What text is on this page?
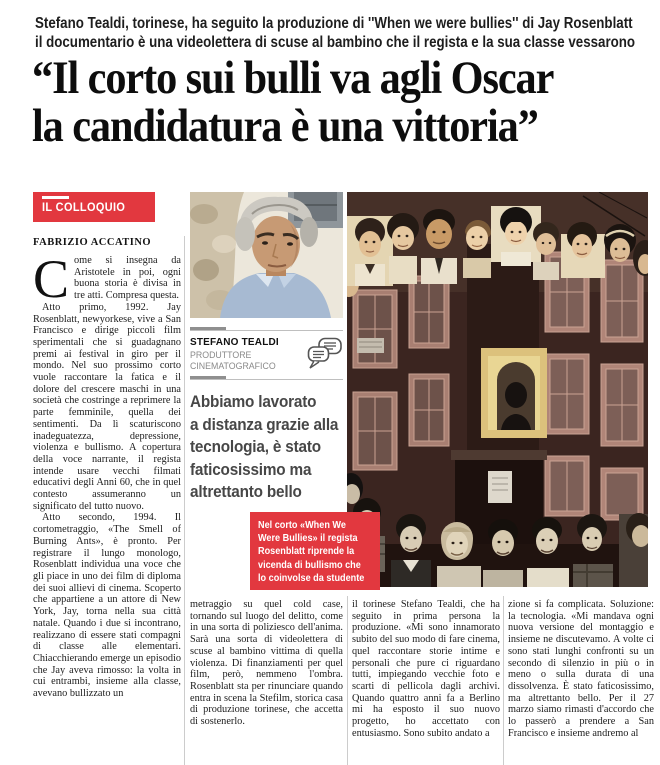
Stefano Tealdi, torinese, ha seguito la produzione di ''When we were bullies'' di Jay Rosenblatt
il documentario è una videolettera di scuse al bambino che il regista e la sua classe vessarono
“Il corto sui bulli va agli Oscar
la candidatura è una vittoria”
IL COLLOQUIO
FABRIZIO ACCATINO

Come si insegna da Aristotele in poi, ogni buona storia è divisa in tre atti. Compresa questa.

Atto primo, 1992. Jay Rosenblatt, newyorkese, vive a San Francisco e dirige piccoli film sperimentali che si guadagnano premi ai festival in giro per il mondo. Nel suo prossimo corto vuole raccontare la fatica e il dolore del crescere maschi in una società che costringe a reprimere la parte femminile, quella dei sentimenti. Da lì scaturiscono inadeguatezza, depressione, violenza e bullismo. A copertura della voce narrante, il regista intende usare vecchi filmati educativi degli Anni 60, che in quel contesto assumeranno un significato del tutto nuovo.

Atto secondo, 1994. Il cortometraggio, «The Smell of Burning Ants», è pronto. Per registrare il lungo monologo, Rosenblatt individua una voce che gli piace in uno dei film di diploma dei suoi allievi di cinema. Scoperto che appartiene a un attore di New York, Jay, torna nella sua città natale. Quando i due si incontrano, realizzano di essere stati compagni di classe alle elementari. Chiacchierando emerge un episodio che Jay aveva rimosso: la volta in cui entrambi, insieme alla classe, avevano bullizzato un

STEFANO TEALDI
PRODUTTORE
CINEMATOGRAFICO
Abbiamo lavorato
a distanza grazie alla
tecnologia, è stato
faticosissimo ma
altrettanto bello
Nel corto «When We
Were Bullies» il regista
Rosenblatt riprende la
vicenda di bullismo che
lo coinvolse da studente

metraggio su quel cold case, tornando sul luogo del delitto, come in una sorta di poliziesco dell'anima. Sarà una sorta di videolettera di scuse al bambino vittima di quella violenza. Di finanziamenti per quel film, però, nemmeno l'ombra. Rosenblatt sta per rinunciare quando entra in scena la Stefilm, storica casa di produzione torinese, che accetta di sostenerlo.

il torinese Stefano Tealdi, che ha seguito in prima persona la produzione. «Mi sono innamorato subito del suo modo di fare cinema, quel raccontare storie intime e personali che pure ci riguardano tutti, impiegando vecchie foto e scarti di pellicola dagli archivi. Quando quattro anni fa a Berlino mi ha esposto il suo nuovo progetto, ho accettato con entusiasmo. Sono subito andato a

zione si fa complicata. Soluzione: la tecnologia. «Mi mandava ogni nuova versione del montaggio e insieme ne discutevamo. A volte ci sono stati lunghi confronti su un secondo di silenzio in più o in meno o sulla durata di una dissolvenza. È stato faticosissimo, ma altrettanto bello. Per il 27 marzo siamo rimasti d'accordo che lo passerò a prendere a San Francisco e insieme andremo al
